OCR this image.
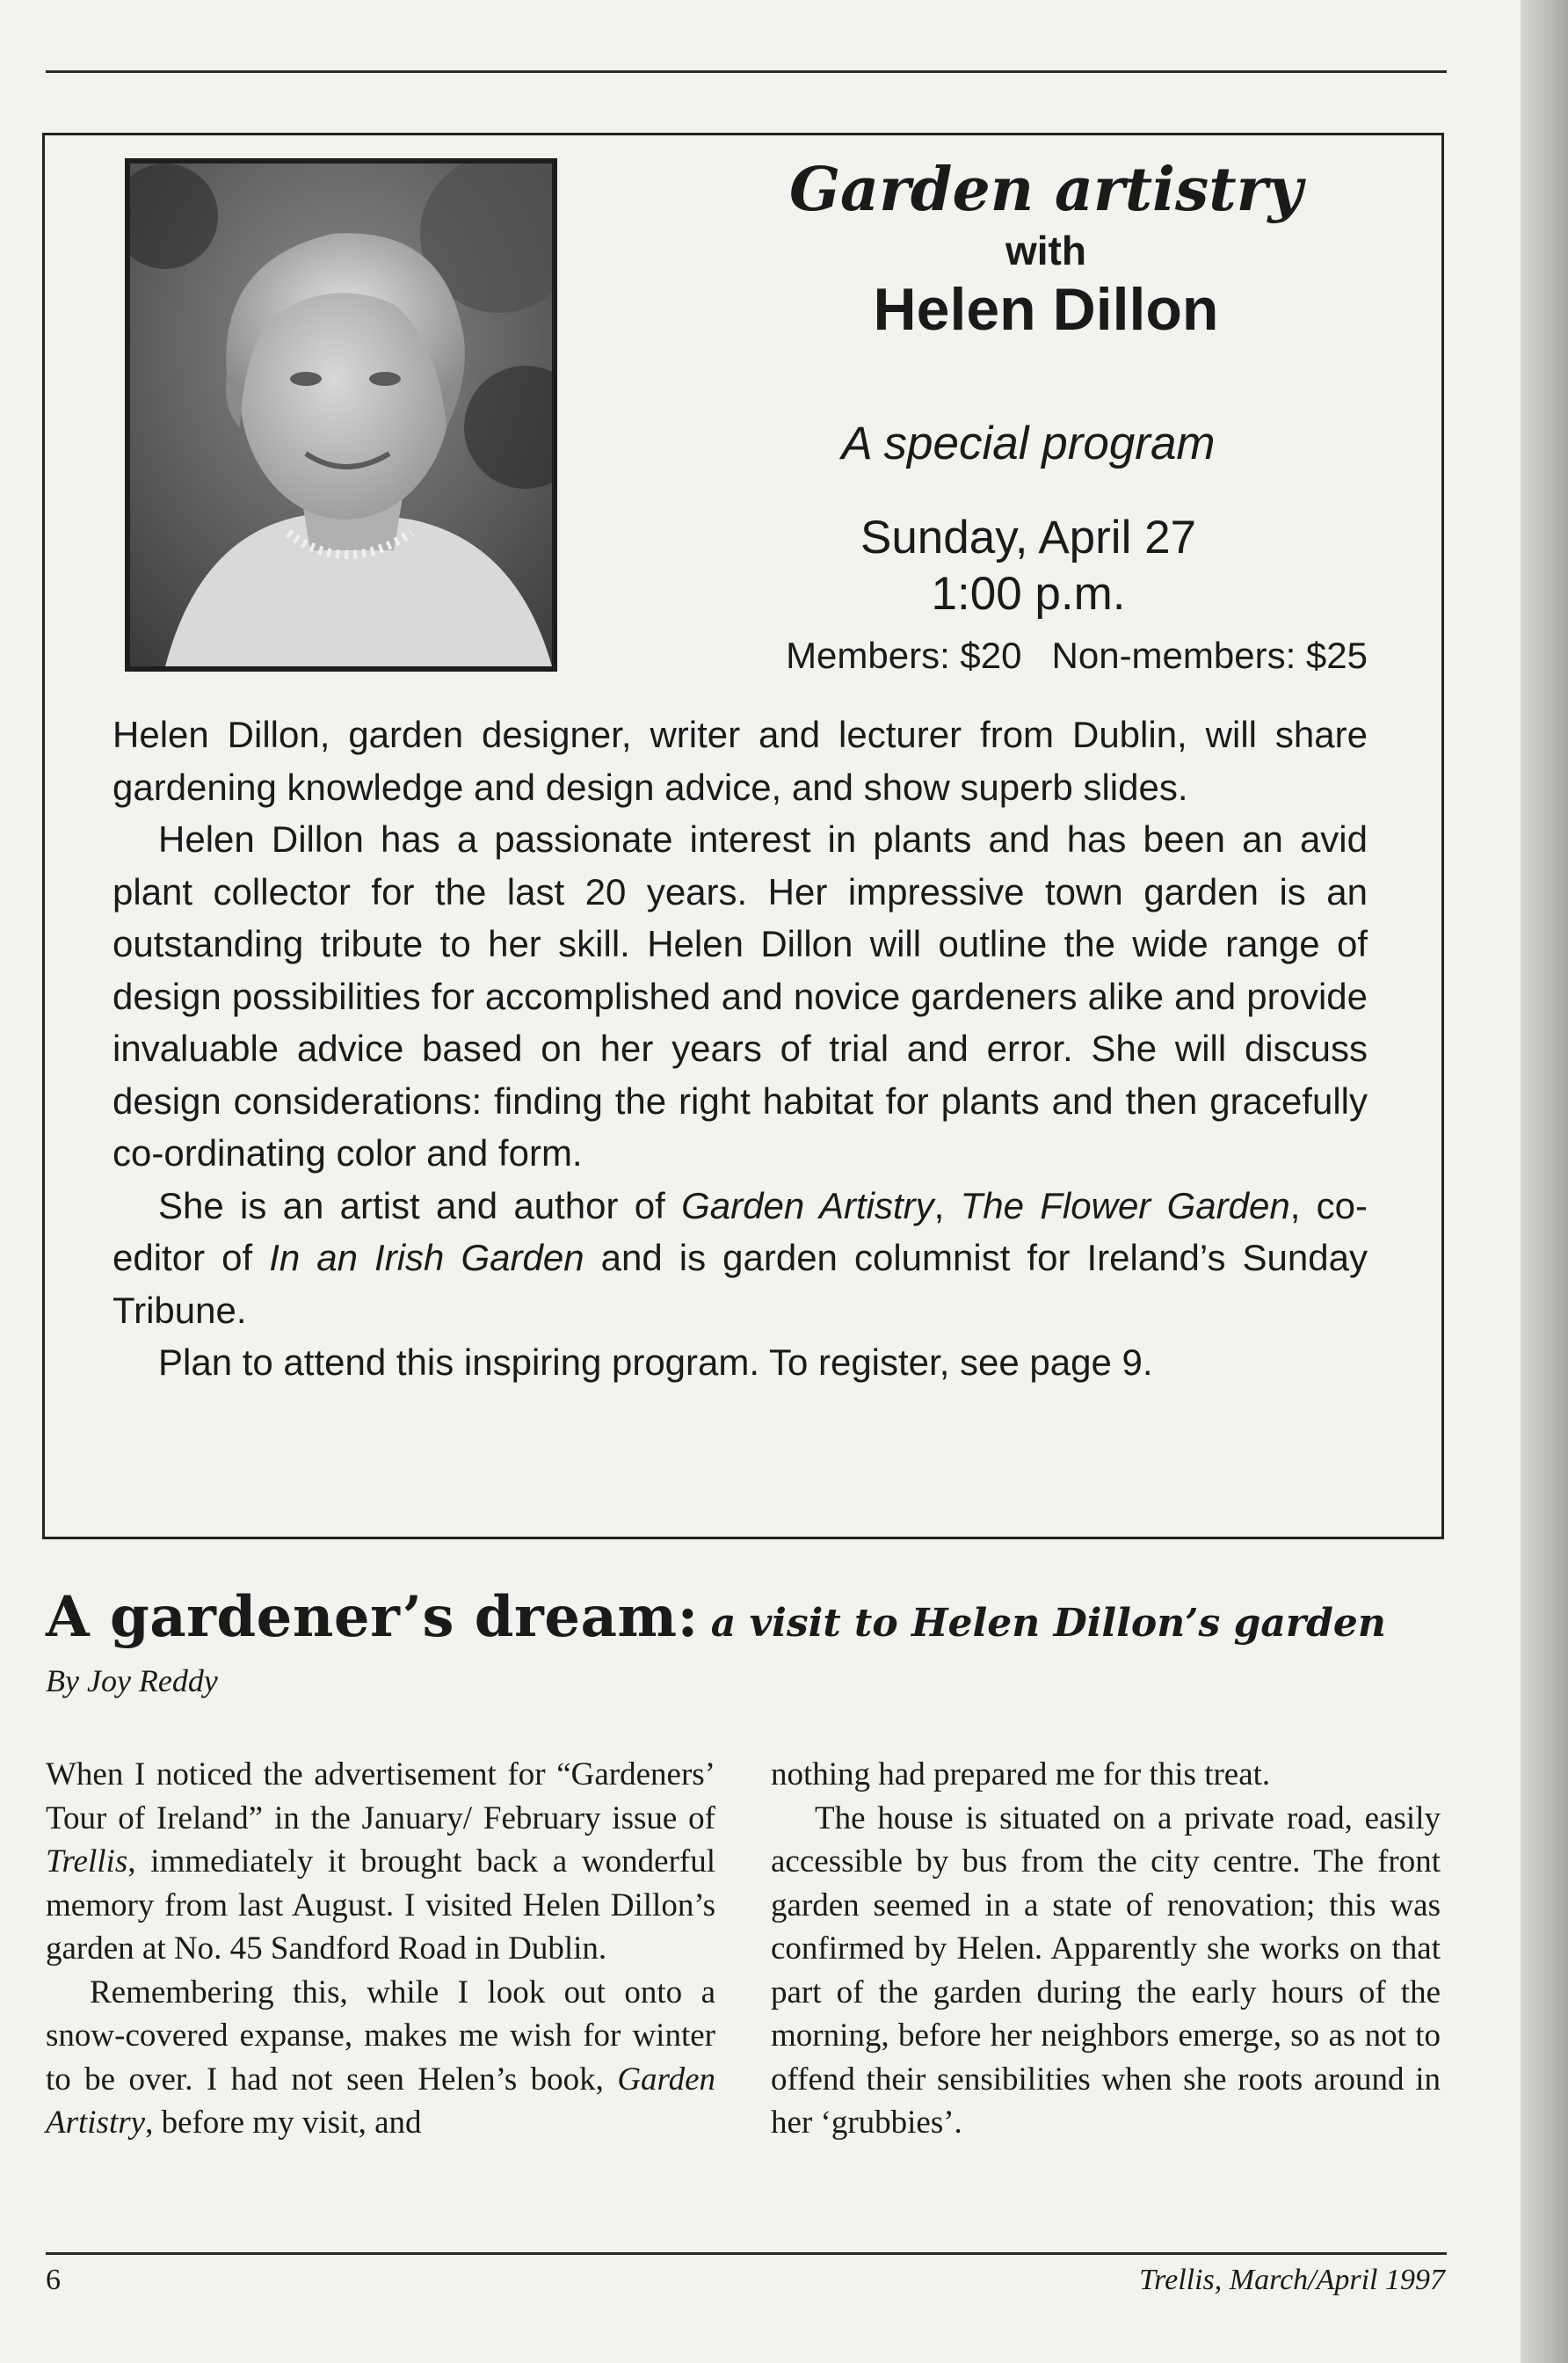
Garden artistry
with
Helen Dillon
A special program
Sunday, April 27
1:00 p.m.
Members: $20 Non-members: $25

Helen Dillon, garden designer, writer and lecturer from Dublin, will share gardening knowledge and design advice, and show superb slides.

Helen Dillon has a passionate interest in plants and has been an avid plant collector for the last 20 years. Her impressive town garden is an outstanding tribute to her skill. Helen Dillon will outline the wide range of design possibilities for accomplished and novice gardeners alike and provide invaluable advice based on her years of trial and error. She will discuss design considerations: finding the right habitat for plants and then gracefully co-ordinating color and form.

She is an artist and author of Garden Artistry, The Flower Garden, co-editor of In an Irish Garden and is garden columnist for Ireland’s Sunday Tribune.

Plan to attend this inspiring program. To register, see page 9.

A gardener’s dream: a visit to Helen Dillon’s garden
By Joy Reddy

When I noticed the advertisement for “Gardeners’ Tour of Ireland” in the January/ February issue of Trellis, immediately it brought back a wonderful memory from last August. I visited Helen Dillon’s garden at No. 45 Sandford Road in Dublin.

Remembering this, while I look out onto a snow-covered expanse, makes me wish for winter to be over. I had not seen Helen’s book, Garden Artistry, before my visit, and

nothing had prepared me for this treat.

The house is situated on a private road, easily accessible by bus from the city centre. The front garden seemed in a state of renovation; this was confirmed by Helen. Apparently she works on that part of the garden during the early hours of the morning, before her neighbors emerge, so as not to offend their sensibilities when she roots around in her ‘grubbies’.

6	Trellis, March/April 1997
